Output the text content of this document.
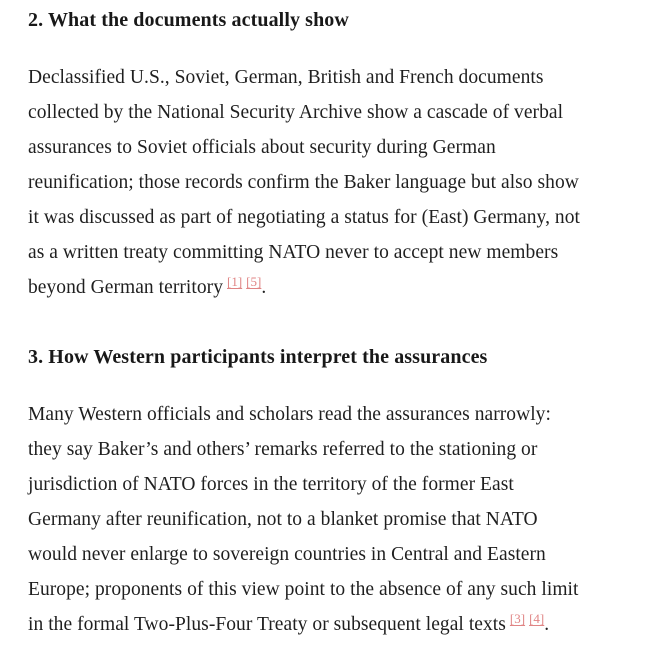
2. What the documents actually show
Declassified U.S., Soviet, German, British and French documents
collected by the National Security Archive show a cascade of verbal
assurances to Soviet officials about security during German
reunification; those records confirm the Baker language but also show
it was discussed as part of negotiating a status for (East) Germany, not
as a written treaty committing NATO never to accept new members
beyond German territory [1] [5].
3. How Western participants interpret the assurances
Many Western officials and scholars read the assurances narrowly:
they say Baker’s and others’ remarks referred to the stationing or
jurisdiction of NATO forces in the territory of the former East
Germany after reunification, not to a blanket promise that NATO
would never enlarge to sovereign countries in Central and Eastern
Europe; proponents of this view point to the absence of any such limit
in the formal Two-Plus-Four Treaty or subsequent legal texts [3] [4].
